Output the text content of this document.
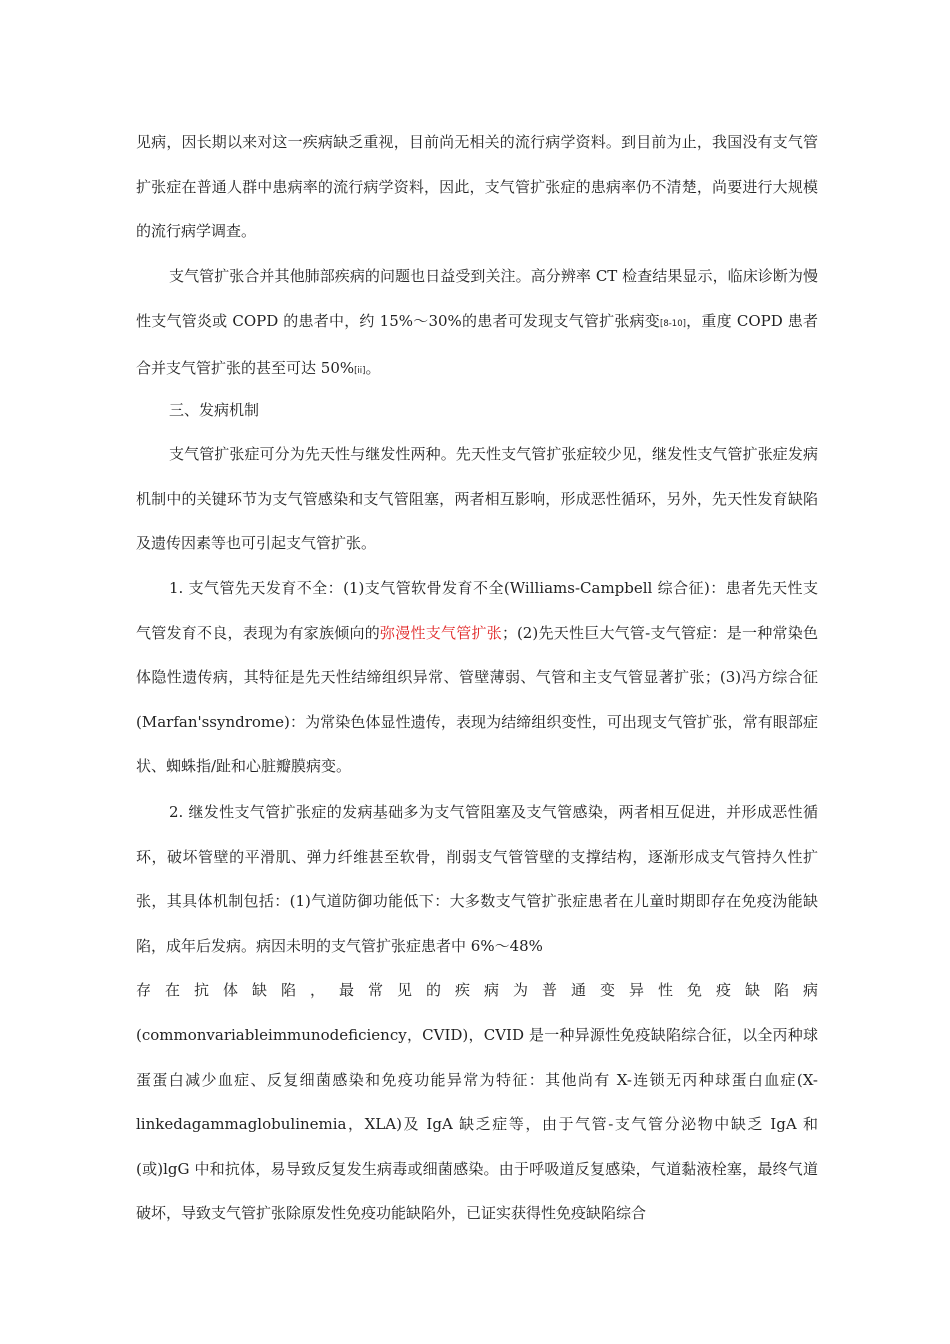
见病，因长期以来对这一疾病缺乏重视，目前尚无相关的流行病学资料。到目前为止，我国没有支气管扩张症在普通人群中患病率的流行病学资料，因此，支气管扩张症的患病率仍不清楚，尚要进行大规模的流行病学调查。

支气管扩张合并其他肺部疾病的问题也日益受到关注。高分辨率 CT 检查结果显示，临床诊断为慢性支气管炎或 COPD 的患者中，约 15%～30%的患者可发现支气管扩张病变[8-10]，重度 COPD 患者合并支气管扩张的甚至可达 50%[ii]。

三、发病机制

支气管扩张症可分为先天性与继发性两种。先天性支气管扩张症较少见，继发性支气管扩张症发病机制中的关键环节为支气管感染和支气管阻塞，两者相互影响，形成恶性循环，另外，先天性发育缺陷及遗传因素等也可引起支气管扩张。

1. 支气管先天发育不全：(1)支气管软骨发育不全(Williams-Campbell 综合征)：患者先天性支气管发育不良，表现为有家族倾向的弥漫性支气管扩张；(2)先天性巨大气管-支气管症：是一种常染色体隐性遗传病，其特征是先天性结缔组织异常、管壁薄弱、气管和主支气管显著扩张；(3)冯方综合征(Marfan'ssyndrome)：为常染色体显性遗传，表现为结缔组织变性，可出现支气管扩张，常有眼部症状、蜘蛛指/趾和心脏瓣膜病变。

2. 继发性支气管扩张症的发病基础多为支气管阻塞及支气管感染，两者相互促进，并形成恶性循环，破坏管壁的平滑肌、弹力纤维甚至软骨，削弱支气管管壁的支撑结构，逐渐形成支气管持久性扩张，其具体机制包括：(1)气道防御功能低下：大多数支气管扩张症患者在儿童时期即存在免疫沩能缺陷，成年后发病。病因未明的支气管扩张症患者中 6%～48%

存在抗体缺陷，最常见的疾病为普通变异性免疫缺陷病

(commonvariableimmunodeficiency，CVID)，CVID 是一种异源性免疫缺陷综合征，以全丙种球蛋蛋白减少血症、反复细菌感染和免疫功能异常为特征：其他尚有 X-连锁无丙种球蛋白血症(X-linkedagammaglobulinemia，XLA)及 IgA 缺乏症等，由于气管-支气管分泌物中缺乏 IgA 和(或)lgG 中和抗体，易导致反复发生病毒或细菌感染。由于呼吸道反复感染，气道黏液栓塞，最终气道破坏，导致支气管扩张除原发性免疫功能缺陷外，已证实获得性免疫缺陷综合
